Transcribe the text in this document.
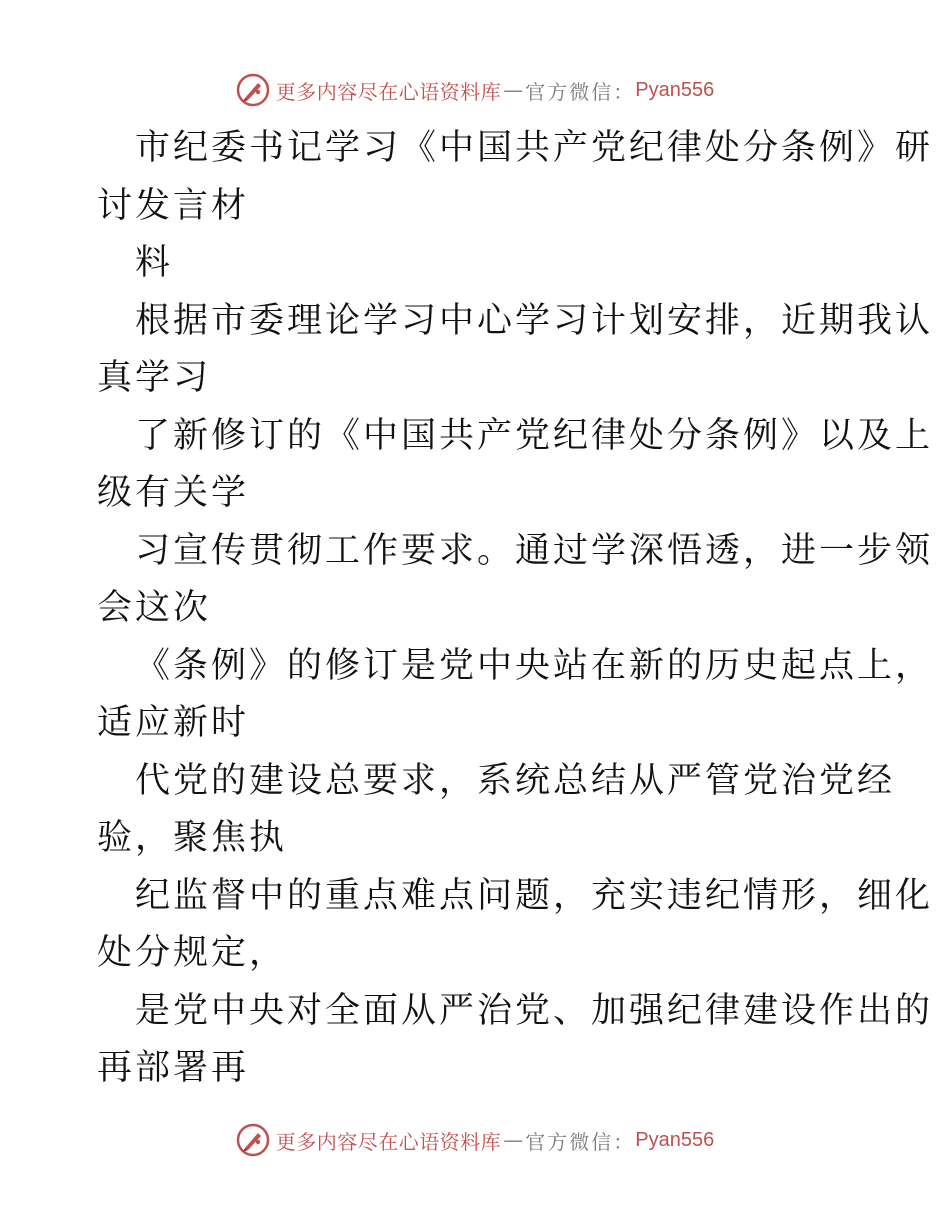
更多内容尽在心语资料库 — 官方微信： Pyan556
市纪委书记学习《中国共产党纪律处分条例》研
讨发言材
料
根据市委理论学习中心学习计划安排，近期我认
真学习
了新修订的《中国共产党纪律处分条例》以及上
级有关学
习宣传贯彻工作要求。通过学深悟透，进一步领
会这次
《条例》的修订是党中央站在新的历史起点上，
适应新时
代党的建设总要求，系统总结从严管党治党经
验，聚焦执
纪监督中的重点难点问题，充实违纪情形，细化
处分规定，
是党中央对全面从严治党、加强纪律建设作出的
再部署再
更多内容尽在心语资料库 — 官方微信： Pyan556
